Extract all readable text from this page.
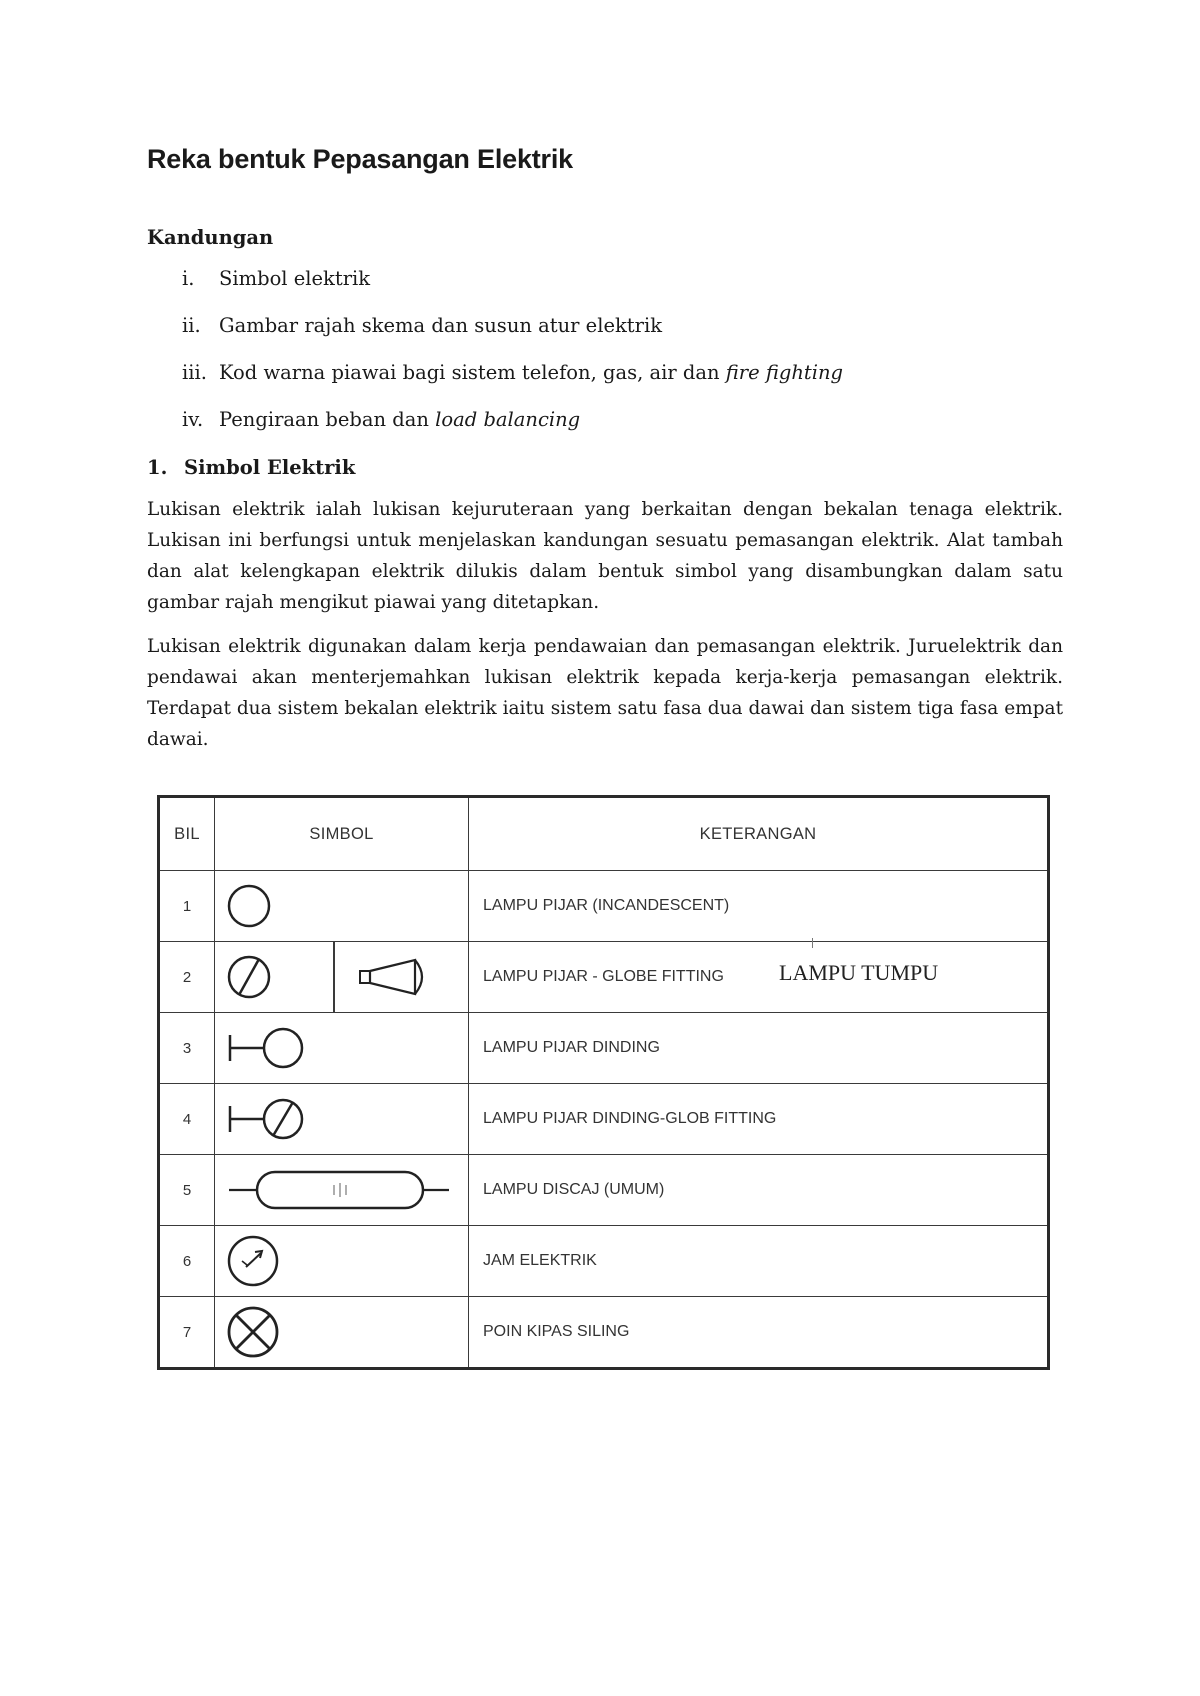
Reka bentuk Pepasangan Elektrik
Kandungan
i.	Simbol elektrik
ii. Gambar rajah skema dan susun atur elektrik
iii. Kod warna piawai bagi sistem telefon, gas, air dan fire fighting
iv. Pengiraan beban dan load balancing
1. Simbol Elektrik

Lukisan elektrik ialah lukisan kejuruteraan yang berkaitan dengan bekalan tenaga elektrik. Lukisan ini berfungsi untuk menjelaskan kandungan sesuatu pemasangan elektrik. Alat tambah dan alat kelengkapan elektrik dilukis dalam bentuk simbol yang disambungkan dalam satu gambar rajah mengikut piawai yang ditetapkan.

Lukisan elektrik digunakan dalam kerja pendawaian dan pemasangan elektrik. Juruelektrik dan pendawai akan menterjemahkan lukisan elektrik kepada kerja-kerja pemasangan elektrik. Terdapat dua sistem bekalan elektrik iaitu sistem satu fasa dua dawai dan sistem tiga fasa empat dawai.

BIL	SIMBOL	KETERANGAN
1		LAMPU PIJAR (INCANDESCENT)
2		LAMPU PIJAR - GLOBE FITTING LAMPU TUMPU

3		LAMPU PIJAR DINDING
4		LAMPU PIJAR DINDING-GLOB FITTING
5		LAMPU DISCAJ (UMUM)
6		JAM ELEKTRIK
7		POIN KIPAS SILING
